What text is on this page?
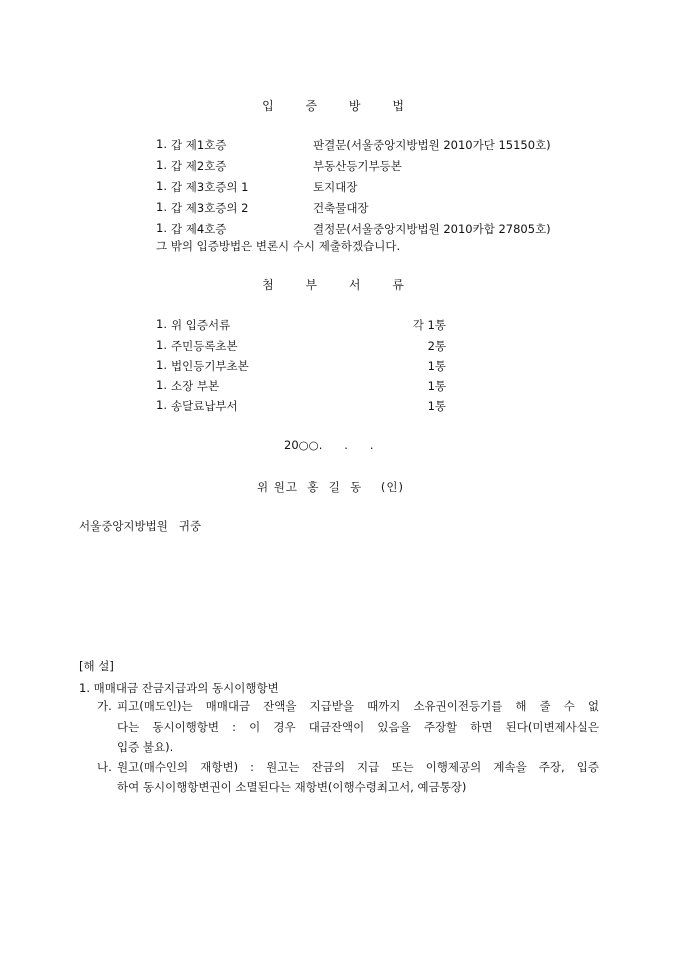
입 증 방 법
1. 갑 제1호증	판결문(서울중앙지방법원 2010가단 15150호)
1. 갑 제2호증	부동산등기부등본
1. 갑 제3호증의 1	토지대장
1. 갑 제3호증의 2	건축물대장
1. 갑 제4호증	결정문(서울중앙지방법원 2010카합 27805호)
그 밖의 입증방법은 변론시 수시 제출하겠습니다.
첨 부 서 류
1. 위 입증서류	각 1통
1. 주민등록초본	2통
1. 법인등기부초본	1통
1. 소장 부본	1통
1. 송달료납부서	1통
20○○.      .      .
위 원고  홍  길  동    (인)
서울중앙지방법원   귀중
[해 설]
1. 매매대금 잔금지급과의 동시이행항변
가. 피고(매도인)는 매매대금 잔액을 지급받을 때까지 소유권이전등기를 해 줄 수 없
다는 동시이행항변 : 이 경우 대금잔액이 있음을 주장할 하면 된다(미변제사실은
입증 불요).
나. 원고(매수인의 재항변) : 원고는 잔금의 지급 또는 이행제공의 계속을 주장, 입증
하여 동시이행항변권이 소멸된다는 재항변(이행수령최고서, 예금통장)
